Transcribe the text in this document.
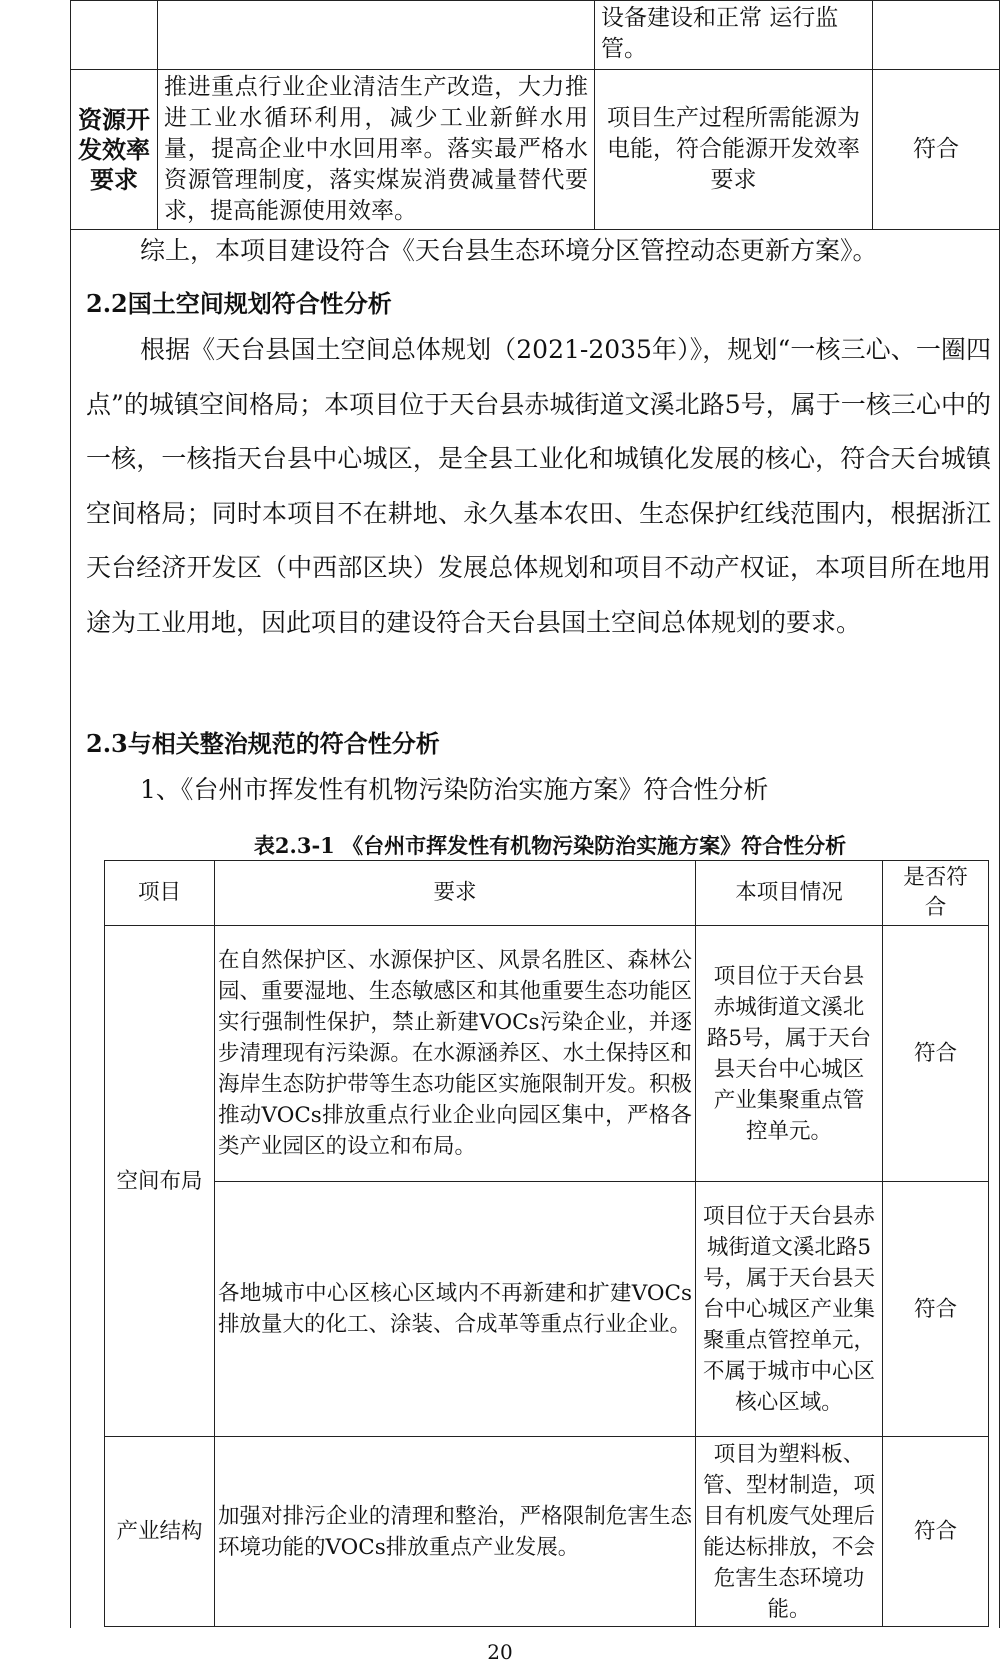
		设备建设和正常 运行监管。	
资源开发效率要求	推进重点行业企业清洁生产改造，大力推进工业水循环利用，减少工业新鲜水用量，提高企业中水回用率。落实最严格水资源管理制度，落实煤炭消费减量替代要求，提高能源使用效率。	项目生产过程所需能源为电能，符合能源开发效率要求	符合
综上，本项目建设符合《天台县生态环境分区管控动态更新方案》。
2.2国土空间规划符合性分析
根据《天台县国土空间总体规划（2021-2035年）》，规划“一核三心、一圈四点”的城镇空间格局；本项目位于天台县赤城街道文溪北路5号，属于一核三心中的一核，一核指天台县中心城区，是全县工业化和城镇化发展的核心，符合天台城镇空间格局；同时本项目不在耕地、永久基本农田、生态保护红线范围内，根据浙江天台经济开发区（中西部区块）发展总体规划和项目不动产权证，本项目所在地用途为工业用地，因此项目的建设符合天台县国土空间总体规划的要求。
2.3与相关整治规范的符合性分析
1、《台州市挥发性有机物污染防治实施方案》符合性分析
表2.3-1 《台州市挥发性有机物污染防治实施方案》符合性分析
项目	要求	本项目情况	是否符合
空间布局	在自然保护区、水源保护区、风景名胜区、森林公园、重要湿地、生态敏感区和其他重要生态功能区实行强制性保护，禁止新建VOCs污染企业，并逐步清理现有污染源。在水源涵养区、水土保持区和海岸生态防护带等生态功能区实施限制开发。积极推动VOCs排放重点行业企业向园区集中，严格各类产业园区的设立和布局。	项目位于天台县赤城街道文溪北路5号，属于天台县天台中心城区产业集聚重点管控单元。	符合
	各地城市中心区核心区域内不再新建和扩建VOCs排放量大的化工、涂装、合成革等重点行业企业。	项目位于天台县赤城街道文溪北路5号，属于天台县天台中心城区产业集聚重点管控单元，不属于城市中心区核心区域。	符合
产业结构	加强对排污企业的清理和整治，严格限制危害生态环境功能的VOCs排放重点产业发展。	项目为塑料板、管、型材制造，项目有机废气处理后能达标排放，不会危害生态环境功能。	符合
20
